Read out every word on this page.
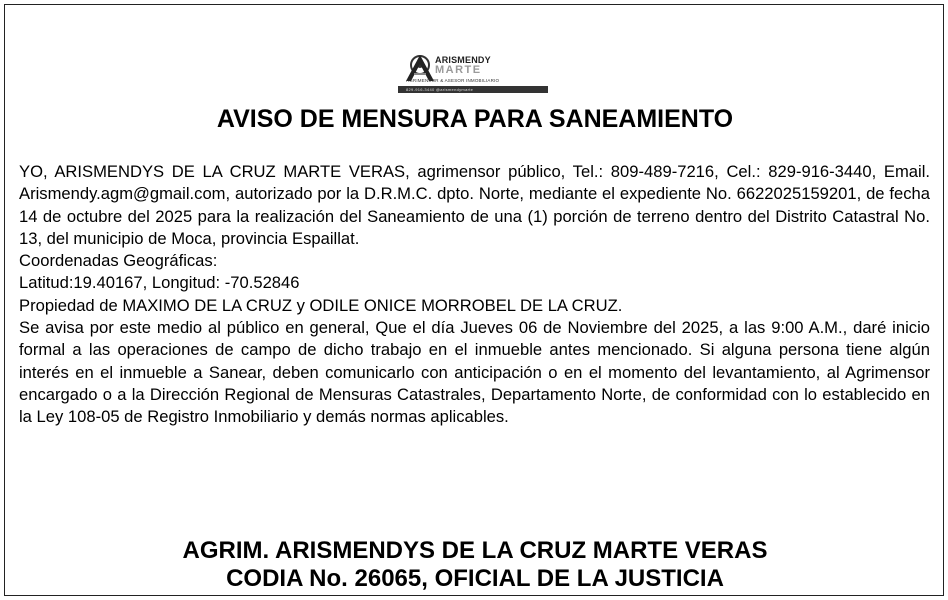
ARISMENDY
MARTE
AGRIMENSOR & ASESOR INMOBILIARIO
829-916-3440 @arismendymarte
AVISO DE MENSURA PARA SANEAMIENTO

YO, ARISMENDYS DE LA CRUZ MARTE VERAS, agrimensor público, Tel.: 809-489-7216, Cel.: 829-916-3440, Email. Arismendy.agm@gmail.com, autorizado por la D.R.M.C. dpto. Norte, mediante el expediente No. 6622025159201, de fecha 14 de octubre del 2025 para la realización del Saneamiento de una (1) porción de terreno dentro del Distrito Catastral No. 13, del municipio de Moca, provincia Espaillat.

Coordenadas Geográficas:

Latitud:19.40167, Longitud: -70.52846

Propiedad de MAXIMO DE LA CRUZ y ODILE ONICE MORROBEL DE LA CRUZ.

Se avisa por este medio al público en general, Que el día Jueves 06 de Noviembre del 2025, a las 9:00 A.M., daré inicio formal a las operaciones de campo de dicho trabajo en el inmueble antes mencionado. Si alguna persona tiene algún interés en el inmueble a Sanear, deben comunicarlo con anticipación o en el momento del levantamiento, al Agrimensor encargado o a la Dirección Regional de Mensuras Catastrales, Departamento Norte, de conformidad con lo establecido en la Ley 108-05 de Registro Inmobiliario y demás normas aplicables.

AGRIM. ARISMENDYS DE LA CRUZ MARTE VERAS
CODIA No. 26065, OFICIAL DE LA JUSTICIA
